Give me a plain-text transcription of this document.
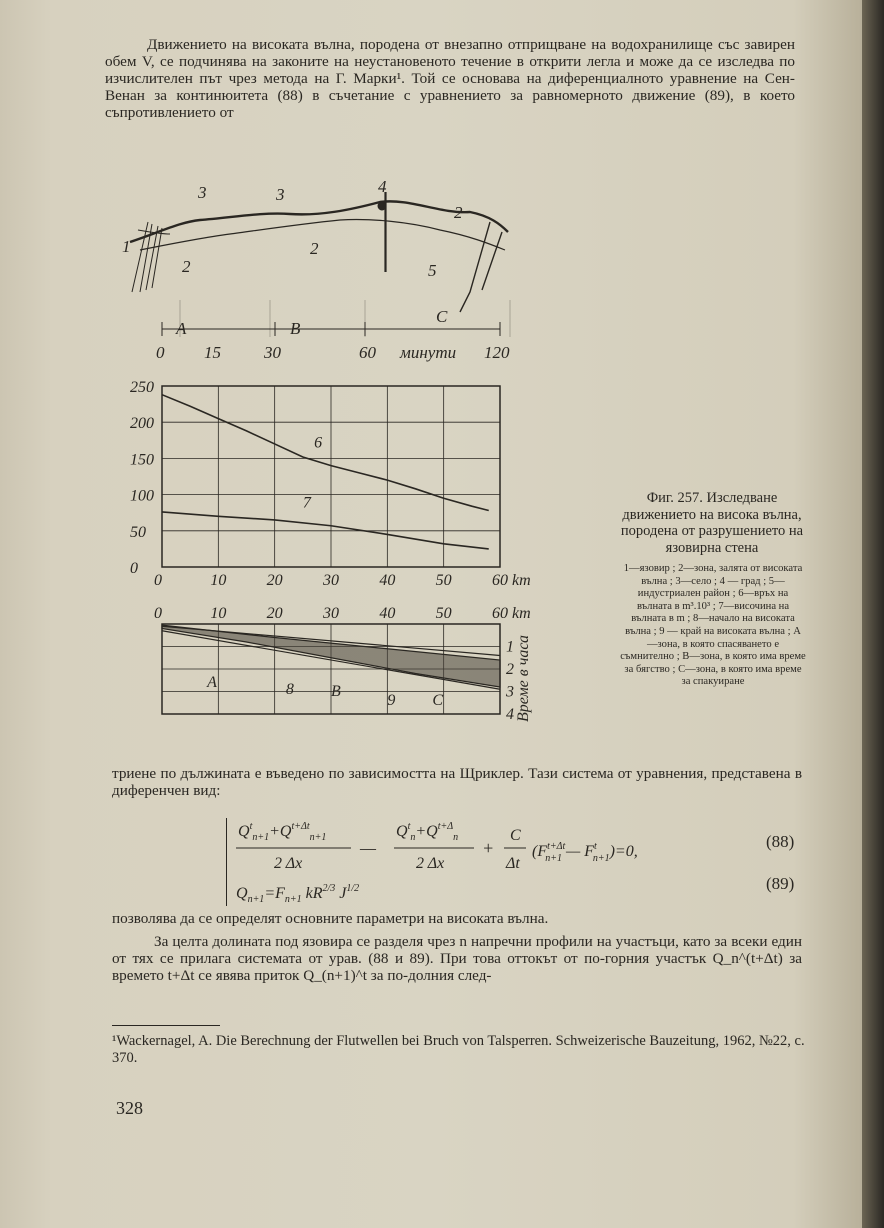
Движението на високата вълна, породена от внезапно отприщване на водохранилище със завирен обем V, се подчинява на законите на неустановеното течение в открити легла и може да се изследва по изчислителен път чрез метода на Г. Марки¹. Той се основава на диференциалното уравнение на Сен-Венан за континюитета (88) в съчетание с уравнението за равномерното движение (89), в което съпротивлението от
1
2
2
2
3	3	4
5
A	B
C
0 15	30	60	120
минути
0	10	20	30	40	50	60 km
0
50
100
150
200
250
6
7
0	10	20	30	40	50	60 km
1
2
3
4
A	8 B
9 C	Време в часа
Фиг. 257. Изследване движението на висока вълна, породена от разрушението на язовирна стена
1—язовир ; 2—зона, залята от високата вълна ; 3—село ; 4 — град ; 5—индустриален район ; 6—връх на вълната в m³.10³ ; 7—височина на вълната в m ; 8—начало на високата вълна ; 9 — край на високата вълна ; A—зона, в която спасяването е съмнително ; B—зона, в която има време за бягство ; C—зона, в която има време за спакуиране
триене по дължината е въведено по зависимостта на Щриклер. Тази система от уравнения, представена в диференчен вид:
$Q^t_{n+1}+Q^{t+\Delta t}_{n+1}$
2 Δx
—
$Q^t_n+Q^{t+\Delta}_n$
2 Δx
+
C
Δt
($F^{t+\Delta t}$ n+1 — $F^t$ n+1)=0,
$Q_{n+1}=F_{n+1}$ $kR^{2/3}$ $J^{1/2}$
(88)
(89)
позволява да се определят основните параметри на високата вълна.
За целта долината под язовира се разделя чрез n напречни профили на участъци, като за всеки един от тях се прилага системата от урав. (88 и 89). При това оттокът от по-горния участък Q_n^(t+Δt) за времето t+Δt се явява приток Q_(n+1)^t за по-долния след-
¹Wackernagel, A. Die Berechnung der Flutwellen bei Bruch von Talsperren. Schweizerische Bauzeitung, 1962, №22, с. 370.
328
